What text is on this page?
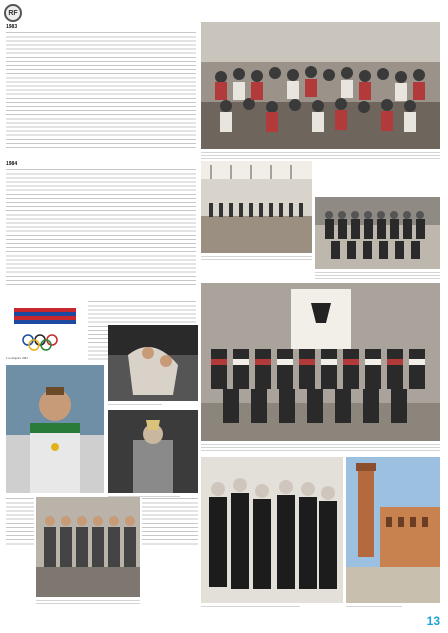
RF
1983
1984
Los Angeles 1984
13
